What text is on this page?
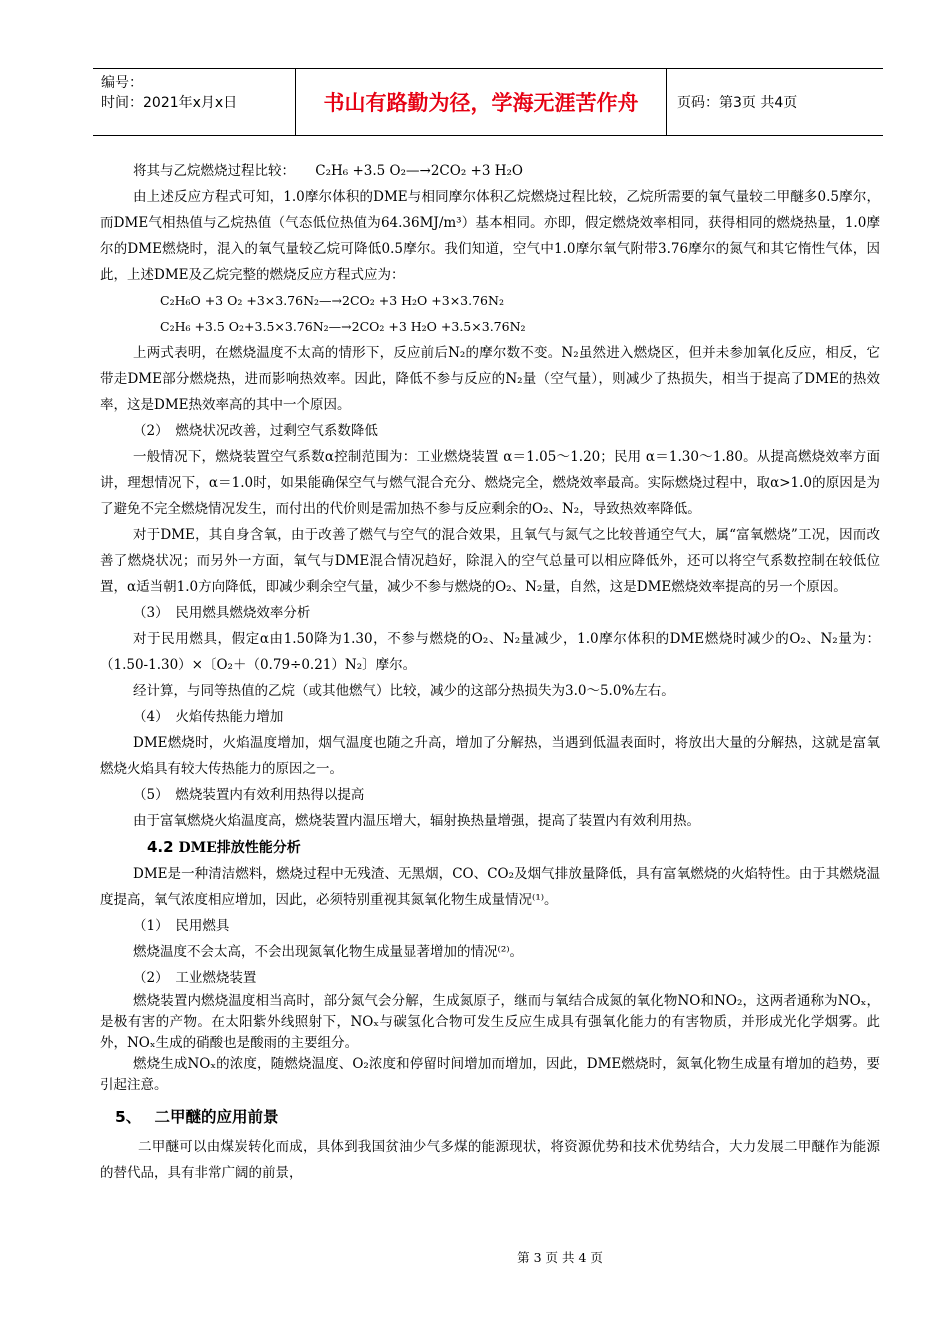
编号：
时间：2021年x月x日	书山有路勤为径，学海无涯苦作舟	页码：第3页 共4页

将其与乙烷燃烧过程比较：　　C₂H₆ +3.5 O₂—→2CO₂ +3 H₂O

由上述反应方程式可知，1.0摩尔体积的DME与相同摩尔体积乙烷燃烧过程比较，乙烷所需要的氧气量较二甲醚多0.5摩尔，而DME气相热值与乙烷热值（气态低位热值为64.36MJ/m³）基本相同。亦即，假定燃烧效率相同，获得相同的燃烧热量，1.0摩尔的DME燃烧时，混入的氧气量较乙烷可降低0.5摩尔。我们知道，空气中1.0摩尔氧气附带3.76摩尔的氮气和其它惰性气体，因此，上述DME及乙烷完整的燃烧反应方程式应为：

C₂H₆O +3 O₂ +3×3.76N₂—→2CO₂ +3 H₂O +3×3.76N₂

C₂H₆ +3.5 O₂+3.5×3.76N₂—→2CO₂ +3 H₂O +3.5×3.76N₂

上两式表明，在燃烧温度不太高的情形下，反应前后N₂的摩尔数不变。N₂虽然进入燃烧区，但并未参加氧化反应，相反，它带走DME部分燃烧热，进而影响热效率。因此，降低不参与反应的N₂量（空气量），则减少了热损失，相当于提高了DME的热效率，这是DME热效率高的其中一个原因。

（2）　燃烧状况改善，过剩空气系数降低

一般情况下，燃烧装置空气系数α控制范围为：工业燃烧装置 α＝1.05～1.20；民用 α＝1.30～1.80。从提高燃烧效率方面讲，理想情况下，α＝1.0时，如果能确保空气与燃气混合充分、燃烧完全，燃烧效率最高。实际燃烧过程中，取α>1.0的原因是为了避免不完全燃烧情况发生，而付出的代价则是需加热不参与反应剩余的O₂、N₂，导致热效率降低。

对于DME，其自身含氧，由于改善了燃气与空气的混合效果，且氧气与氮气之比较普通空气大，属“富氧燃烧”工况，因而改善了燃烧状况；而另外一方面，氧气与DME混合情况趋好，除混入的空气总量可以相应降低外，还可以将空气系数控制在较低位置，α适当朝1.0方向降低，即减少剩余空气量，减少不参与燃烧的O₂、N₂量，自然，这是DME燃烧效率提高的另一个原因。

（3）　民用燃具燃烧效率分析

对于民用燃具，假定α由1.50降为1.30，不参与燃烧的O₂、N₂量减少，1.0摩尔体积的DME燃烧时减少的O₂、N₂量为：（1.50-1.30）×〔O₂＋（0.79÷0.21）N₂〕摩尔。

经计算，与同等热值的乙烷（或其他燃气）比较，减少的这部分热损失为3.0～5.0%左右。

（4）　火焰传热能力增加

DME燃烧时，火焰温度增加，烟气温度也随之升高，增加了分解热，当遇到低温表面时，将放出大量的分解热，这就是富氧燃烧火焰具有较大传热能力的原因之一。

（5）　燃烧装置内有效利用热得以提高

由于富氧燃烧火焰温度高，燃烧装置内温压增大，辐射换热量增强，提高了装置内有效利用热。

4.2 DME排放性能分析

DME是一种清洁燃料，燃烧过程中无残渣、无黑烟，CO、CO₂及烟气排放量降低，具有富氧燃烧的火焰特性。由于其燃烧温度提高，氧气浓度相应增加，因此，必须特别重视其氮氧化物生成量情况⁽¹⁾。

（1）　民用燃具

燃烧温度不会太高，不会出现氮氧化物生成量显著增加的情况⁽²⁾。

（2）　工业燃烧装置

燃烧装置内燃烧温度相当高时，部分氮气会分解，生成氮原子，继而与氧结合成氮的氧化物NO和NO₂，这两者通称为NOₓ，是极有害的产物。在太阳紫外线照射下，NOₓ与碳氢化合物可发生反应生成具有强氧化能力的有害物质，并形成光化学烟雾。此外，NOₓ生成的硝酸也是酸雨的主要组分。

燃烧生成NOₓ的浓度，随燃烧温度、O₂浓度和停留时间增加而增加，因此，DME燃烧时，氮氧化物生成量有增加的趋势，要引起注意。

5、　 二甲醚的应用前景

二甲醚可以由煤炭转化而成，具体到我国贫油少气多煤的能源现状，将资源优势和技术优势结合，大力发展二甲醚作为能源的替代品，具有非常广阔的前景，

第 3 页 共 4 页
